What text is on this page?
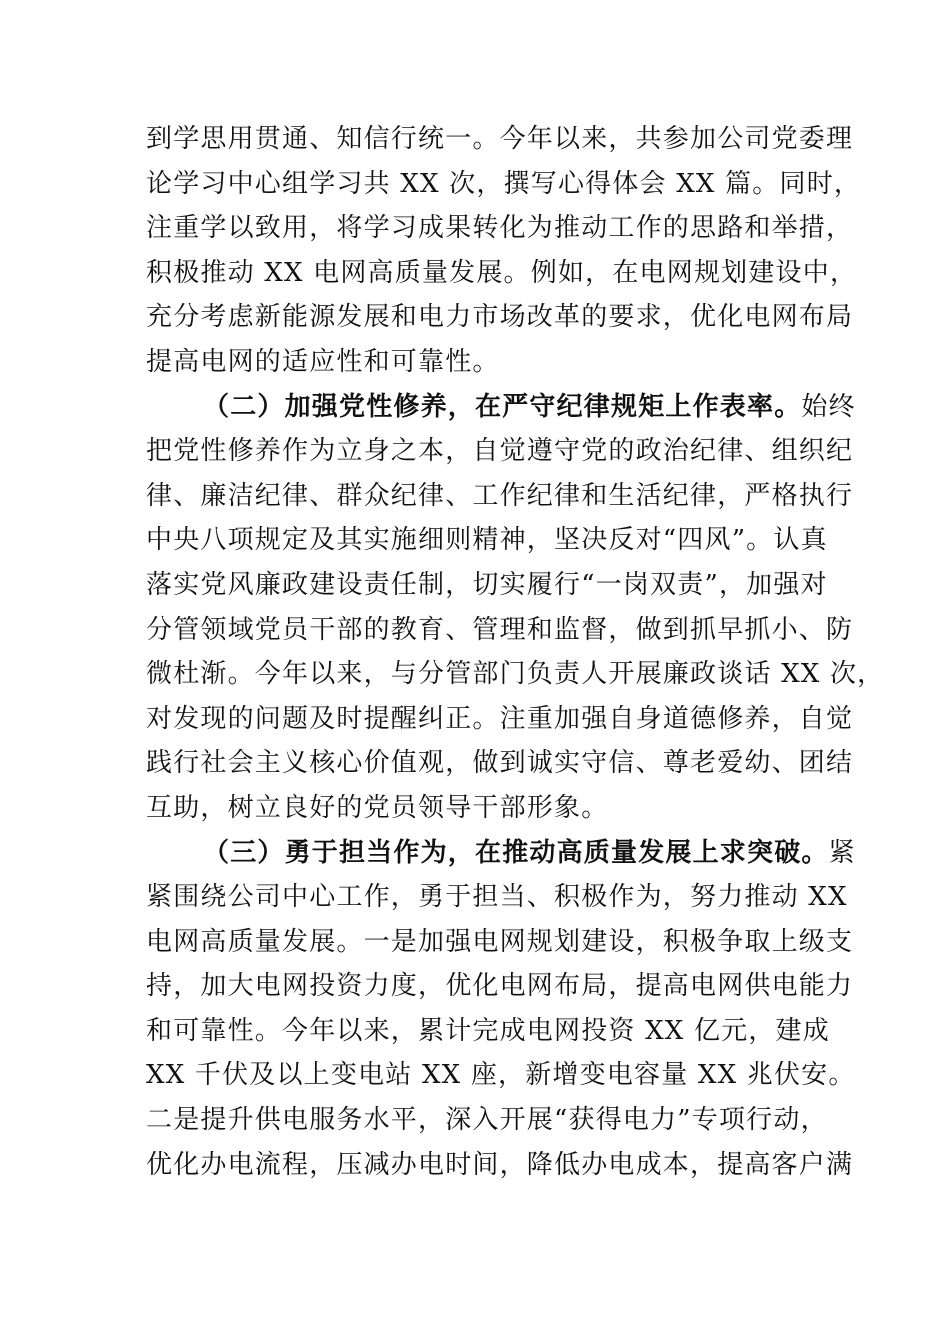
到学思用贯通、知信行统一。今年以来，共参加公司党委理
论学习中心组学习共 XX 次，撰写心得体会 XX 篇。同时，
注重学以致用，将学习成果转化为推动工作的思路和举措，
积极推动 XX 电网高质量发展。例如，在电网规划建设中，
充分考虑新能源发展和电力市场改革的要求，优化电网布局
提高电网的适应性和可靠性。
（二）加强党性修养，在严守纪律规矩上作表率。始终
把党性修养作为立身之本，自觉遵守党的政治纪律、组织纪
律、廉洁纪律、群众纪律、工作纪律和生活纪律，严格执行
中央八项规定及其实施细则精神，坚决反对“四风”。认真
落实党风廉政建设责任制，切实履行“一岗双责”，加强对
分管领域党员干部的教育、管理和监督，做到抓早抓小、防
微杜渐。今年以来，与分管部门负责人开展廉政谈话 XX 次，
对发现的问题及时提醒纠正。注重加强自身道德修养，自觉
践行社会主义核心价值观，做到诚实守信、尊老爱幼、团结
互助，树立良好的党员领导干部形象。
（三）勇于担当作为，在推动高质量发展上求突破。紧
紧围绕公司中心工作，勇于担当、积极作为，努力推动 XX
电网高质量发展。一是加强电网规划建设，积极争取上级支
持，加大电网投资力度，优化电网布局，提高电网供电能力
和可靠性。今年以来，累计完成电网投资 XX 亿元，建成
XX 千伏及以上变电站 XX 座，新增变电容量 XX 兆伏安。
二是提升供电服务水平，深入开展“获得电力”专项行动，
优化办电流程，压减办电时间，降低办电成本，提高客户满
